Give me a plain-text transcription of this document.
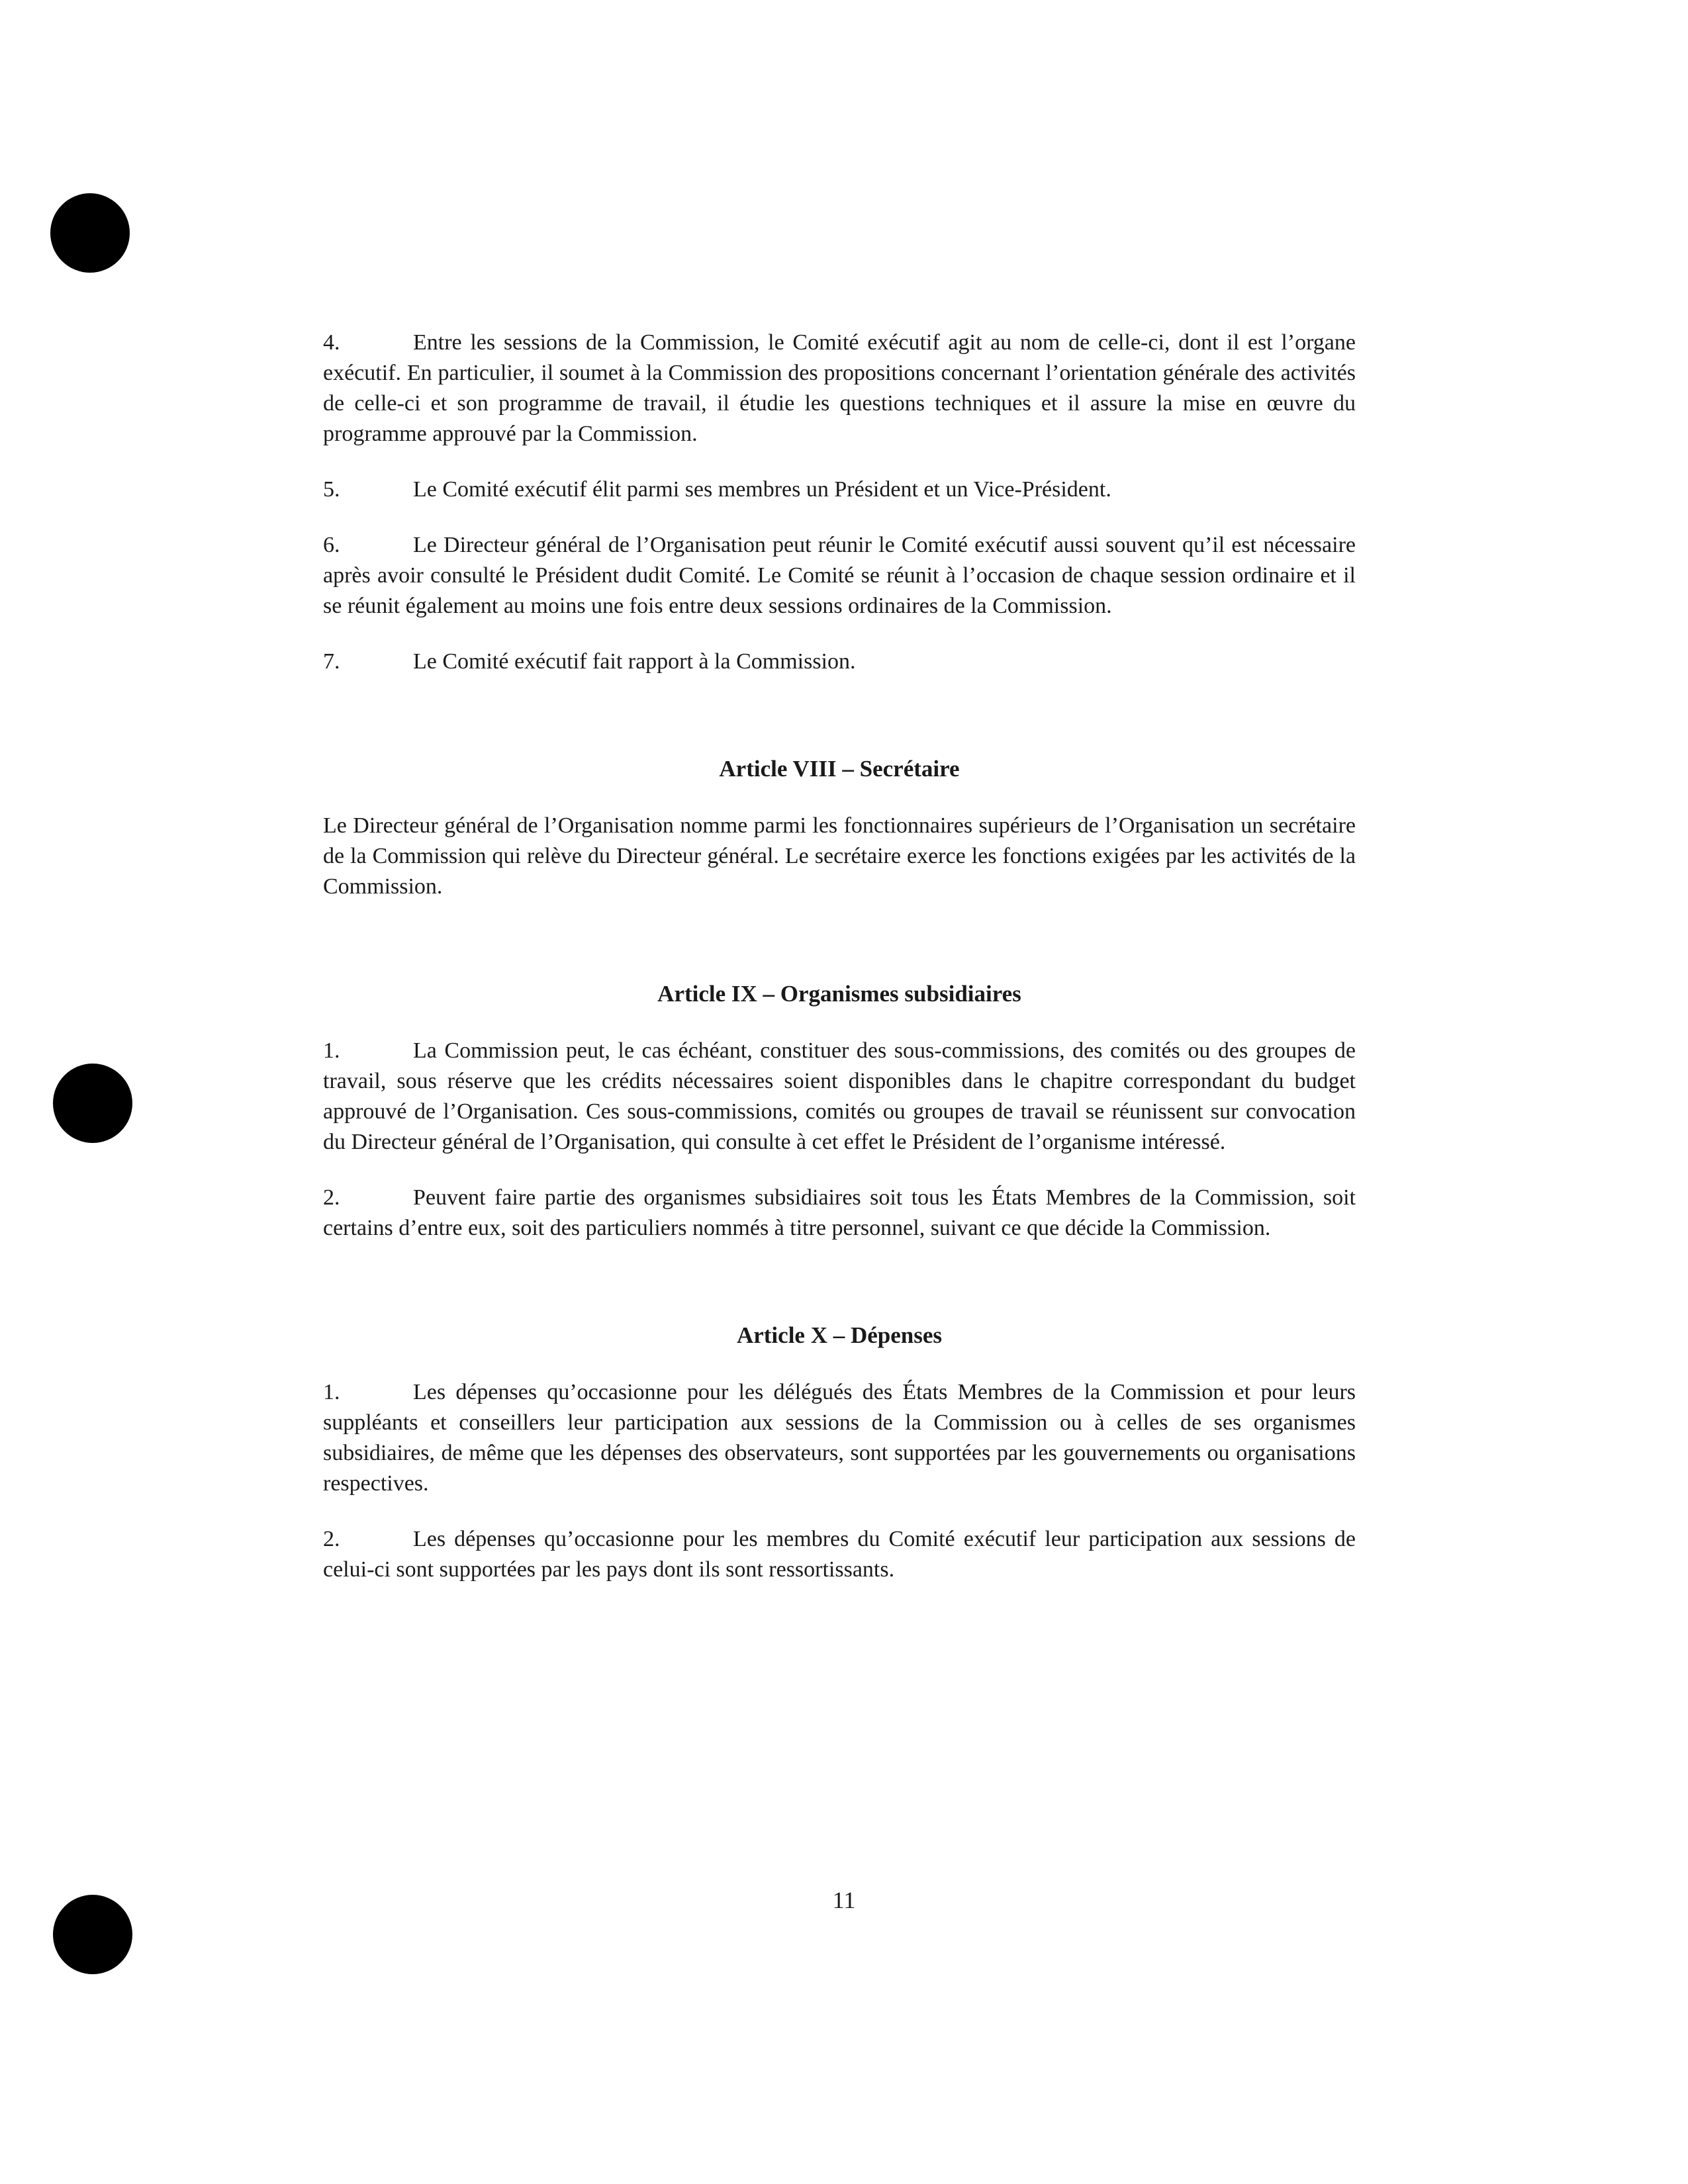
4.	Entre les sessions de la Commission, le Comité exécutif agit au nom de celle-ci, dont il est l’organe exécutif. En particulier, il soumet à la Commission des propositions concernant l’orientation générale des activités de celle-ci et son programme de travail, il étudie les questions techniques et il assure la mise en œuvre du programme approuvé par la Commission.

5.	Le Comité exécutif élit parmi ses membres un Président et un Vice-Président.

6.	Le Directeur général de l’Organisation peut réunir le Comité exécutif aussi souvent qu’il est nécessaire après avoir consulté le Président dudit Comité. Le Comité se réunit à l’occasion de chaque session ordinaire et il se réunit également au moins une fois entre deux sessions ordinaires de la Commission.

7.	Le Comité exécutif fait rapport à la Commission.

Article VIII – Secrétaire

Le Directeur général de l’Organisation nomme parmi les fonctionnaires supérieurs de l’Organisation un secrétaire de la Commission qui relève du Directeur général. Le secrétaire exerce les fonctions exigées par les activités de la Commission.

Article IX – Organismes subsidiaires

1.	La Commission peut, le cas échéant, constituer des sous-commissions, des comités ou des groupes de travail, sous réserve que les crédits nécessaires soient disponibles dans le chapitre correspondant du budget approuvé de l’Organisation. Ces sous-commissions, comités ou groupes de travail se réunissent sur convocation du Directeur général de l’Organisation, qui consulte à cet effet le Président de l’organisme intéressé.

2.	Peuvent faire partie des organismes subsidiaires soit tous les États Membres de la Commission, soit certains d’entre eux, soit des particuliers nommés à titre personnel, suivant ce que décide la Commission.

Article X – Dépenses

1.	Les dépenses qu’occasionne pour les délégués des États Membres de la Commission et pour leurs suppléants et conseillers leur participation aux sessions de la Commission ou à celles de ses organismes subsidiaires, de même que les dépenses des observateurs, sont supportées par les gouvernements ou organisations respectives.

2.	Les dépenses qu’occasionne pour les membres du Comité exécutif leur participation aux sessions de celui-ci sont supportées par les pays dont ils sont ressortissants.

11
